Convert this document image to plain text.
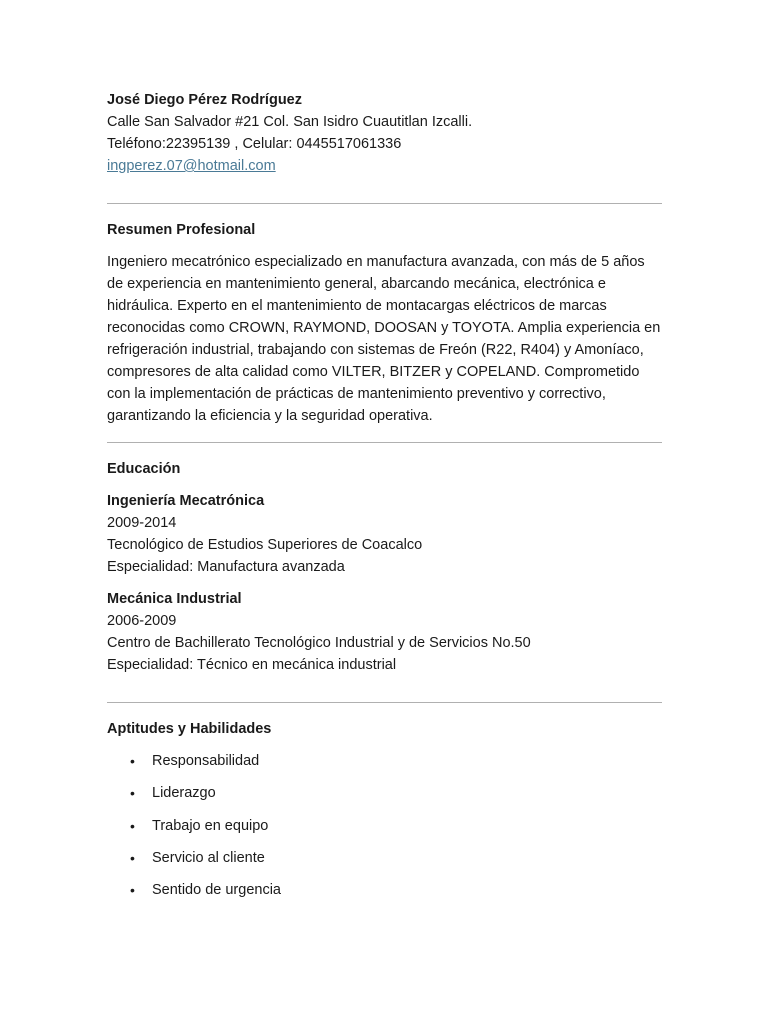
José Diego Pérez Rodríguez

Calle San Salvador #21 Col. San Isidro Cuautitlan Izcalli.

Teléfono:22395139 , Celular: 0445517061336

ingperez.07@hotmail.com

Resumen Profesional

Ingeniero mecatrónico especializado en manufactura avanzada, con más de 5 años de experiencia en mantenimiento general, abarcando mecánica, electrónica e hidráulica. Experto en el mantenimiento de montacargas eléctricos de marcas reconocidas como CROWN, RAYMOND, DOOSAN y TOYOTA. Amplia experiencia en refrigeración industrial, trabajando con sistemas de Freón (R22, R404) y Amoníaco, compresores de alta calidad como VILTER, BITZER y COPELAND. Comprometido con la implementación de prácticas de mantenimiento preventivo y correctivo, garantizando la eficiencia y la seguridad operativa.

Educación

Ingeniería Mecatrónica

2009-2014

Tecnológico de Estudios Superiores de Coacalco

Especialidad: Manufactura avanzada

Mecánica Industrial

2006-2009

Centro de Bachillerato Tecnológico Industrial y de Servicios No.50

Especialidad: Técnico en mecánica industrial

Aptitudes y Habilidades

• Responsabilidad
• Liderazgo
• Trabajo en equipo
• Servicio al cliente
• Sentido de urgencia
